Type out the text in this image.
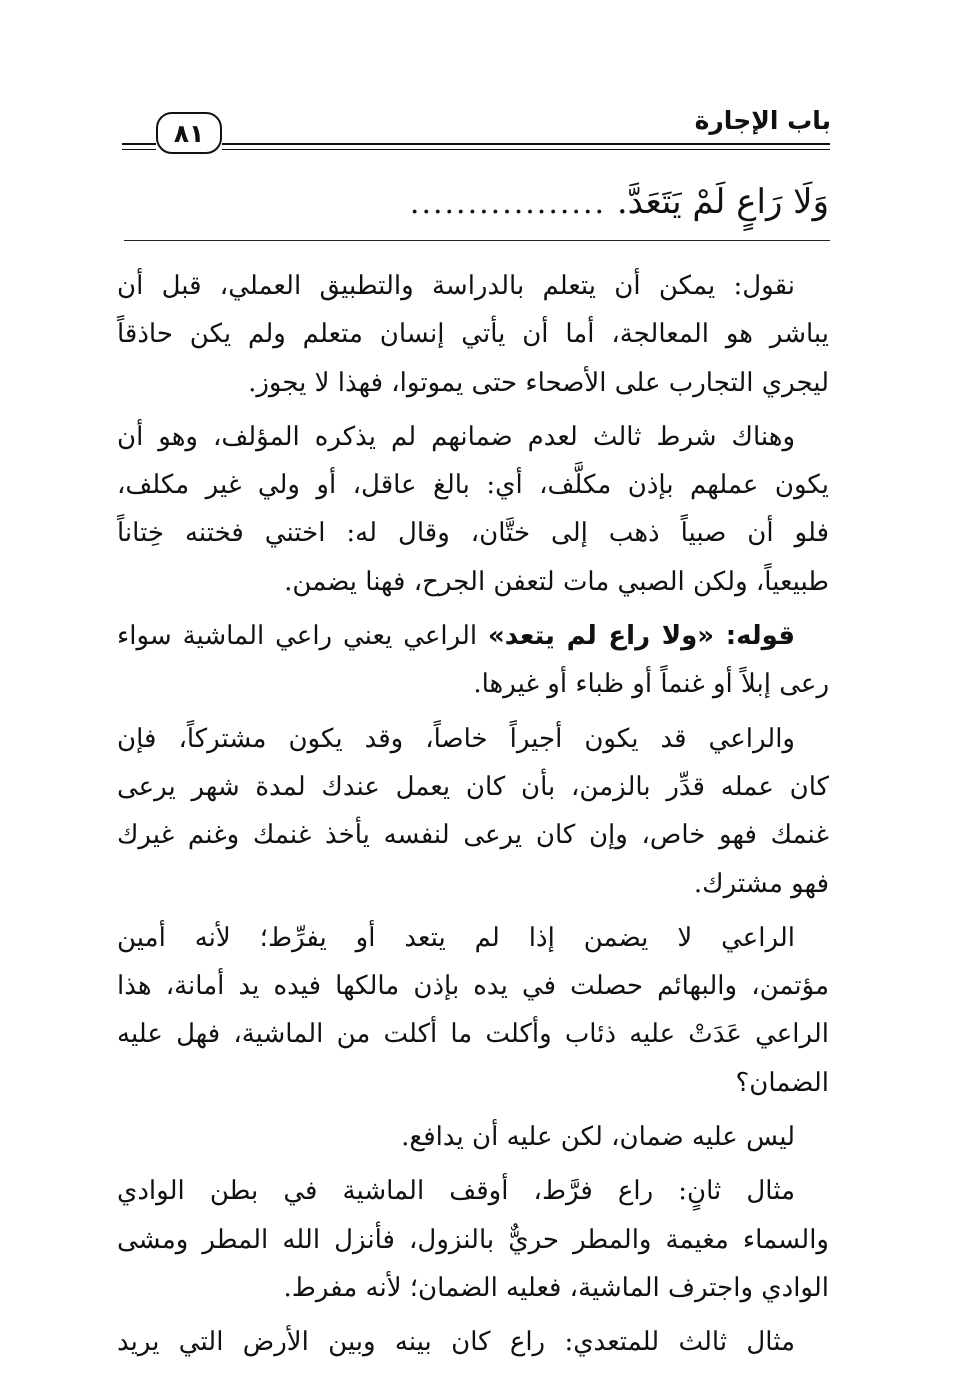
باب الإجارة
٨١
وَلَا رَاعٍ لَمْ يَتَعَدَّ. .................

نقول: يمكن أن يتعلم بالدراسة والتطبيق العملي، قبل أن
يباشر هو المعالجة، أما أن يأتي إنسان متعلم ولم يكن حاذقاً
ليجري التجارب على الأصحاء حتى يموتوا، فهذا لا يجوز.

وهناك شرط ثالث لعدم ضمانهم لم يذكره المؤلف، وهو أن
يكون عملهم بإذن مكلَّف، أي: بالغ عاقل، أو ولي غير مكلف،
فلو أن صبياً ذهب إلى ختَّان، وقال له: اختني فختنه خِتاناً
طبيعياً، ولكن الصبي مات لتعفن الجرح، فهنا يضمن.

قوله: «ولا راع لم يتعد» الراعي يعني راعي الماشية سواء
رعى إبلاً أو غنماً أو ظباء أو غيرها.

والراعي قد يكون أجيراً خاصاً، وقد يكون مشتركاً، فإن
كان عمله قدِّر بالزمن، بأن كان يعمل عندك لمدة شهر يرعى
غنمك فهو خاص، وإن كان يرعى لنفسه يأخذ غنمك وغنم غيرك
فهو مشترك.

الراعي لا يضمن إذا لم يتعد أو يفرِّط؛ لأنه أمين
مؤتمن، والبهائم حصلت في يده بإذن مالكها فيده يد أمانة، هذا
الراعي عَدَتْ عليه ذئاب وأكلت ما أكلت من الماشية، فهل عليه
الضمان؟

ليس عليه ضمان، لكن عليه أن يدافع.

مثال ثانٍ: راع فرَّط، أوقف الماشية في بطن الوادي
والسماء مغيمة والمطر حريٌّ بالنزول، فأنزل الله المطر ومشى
الوادي واجترف الماشية، فعليه الضمان؛ لأنه مفرط.

مثال ثالث للمتعدي: راع كان بينه وبين الأرض التي يريد
